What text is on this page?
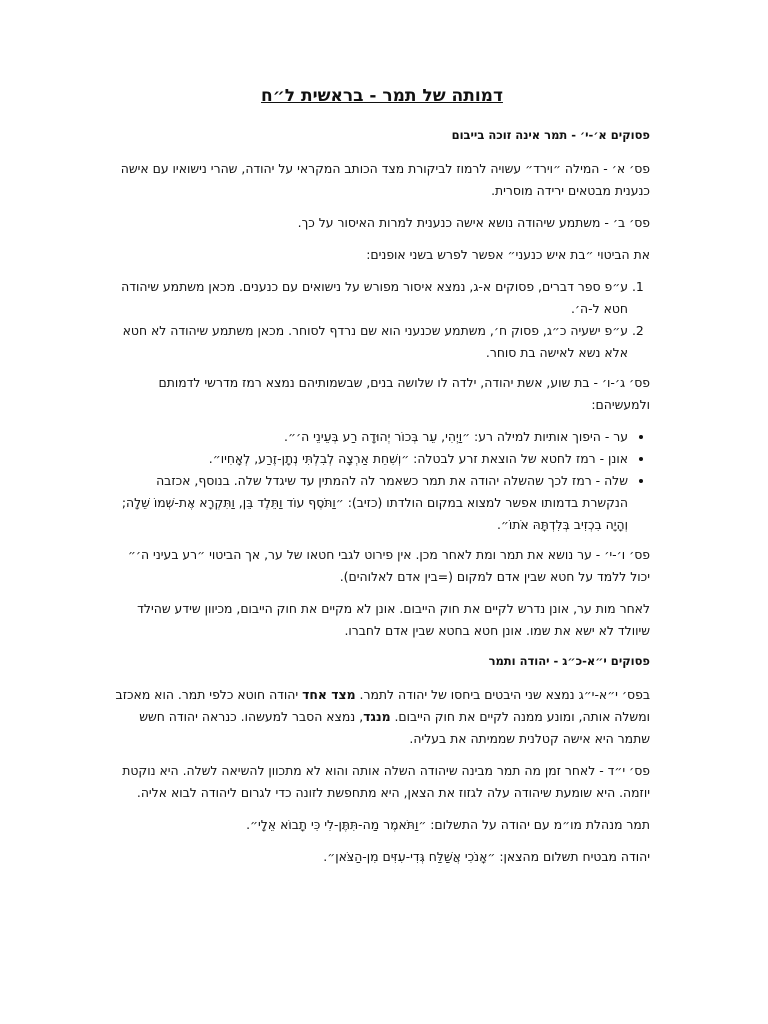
דמותה של תמר - בראשית ל״ח
פסוקים א׳-י׳ - תמר אינה זוכה בייבום

פס׳ א׳ - המילה ״וירד״ עשויה לרמוז לביקורת מצד הכותב המקראי על יהודה, שהרי נישואיו עם אישה כנענית מבטאים ירידה מוסרית.

פס׳ ב׳ - משתמע שיהודה נושא אישה כנענית למרות האיסור על כך.

את הביטוי ״בת איש כנעני״ אפשר לפרש בשני אופנים:

1. ע״פ ספר דברים, פסוקים א-ג, נמצא איסור מפורש על נישואים עם כנענים. מכאן משתמע שיהודה חטא ל-ה׳.
2. ע״פ ישעיה כ״ג, פסוק ח׳, משתמע שכנעני הוא שם נרדף לסוחר. מכאן משתמע שיהודה לא חטא אלא נשא לאישה בת סוחר.

פס׳ ג׳-ו׳ - בת שוע, אשת יהודה, ילדה לו שלושה בנים, שבשמותיהם נמצא רמז מדרשי לדמותם ולמעשיהם:

• ער - היפוך אותיות למילה רע: ״וַיְהִי, עֵר בְּכוֹר יְהוּדָה רַע בְּעֵינֵי ה׳״.
• אונן - רמז לחטא של הוצאת זרע לבטלה: ״וְשִׁחֵת אַרְצָה לְבִלְתִּי נְתָן-זֶרַע, לְאָחִיו״.
• שלה - רמז לכך שהשלה יהודה את תמר כשאמר לה להמתין עד שיגדל שלה. בנוסף, אכזבה הנקשרת בדמותו אפשר למצוא במקום הולדתו (כזיב): ״וַתֹּסֶף עוֹד וַתֵּלֶד בֵּן, וַתִּקְרָא אֶת-שְׁמוֹ שֵׁלָה; וְהָיָה בִכְזִיב בְּלִדְתָּהּ אֹתוֹ״.

פס׳ ו׳-י׳ - ער נושא את תמר ומת לאחר מכן. אין פירוט לגבי חטאו של ער, אך הביטוי ״רע בעיני ה׳״ יכול ללמד על חטא שבין אדם למקום (=בין אדם לאלוהים).

לאחר מות ער, אונן נדרש לקיים את חוק הייבום. אונן לא מקיים את חוק הייבום, מכיוון שידע שהילד שיוולד לא ישא את שמו. אונן חטא בחטא שבין אדם לחברו.

פסוקים י״א-כ״ג - יהודה ותמר

בפס׳ י״א-י״ג נמצא שני היבטים ביחסו של יהודה לתמר. מצד אחד יהודה חוטא כלפי תמר. הוא מאכזב ומשלה אותה, ומונע ממנה לקיים את חוק הייבום. מנגד, נמצא הסבר למעשהו. כנראה יהודה חשש שתמר היא אישה קטלנית שממיתה את בעליה.

פס׳ י״ד - לאחר זמן מה תמר מבינה שיהודה השלה אותה והוא לא מתכוון להשיאה לשלה. היא נוקטת יוזמה. היא שומעת שיהודה עלה לגזוז את הצאן, היא מתחפשת לזונה כדי לגרום ליהודה לבוא אליה.

תמר מנהלת מו״מ עם יהודה על התשלום: ״וַתֹּאמֶר מַה-תִּתֶּן-לִי כִּי תָבוֹא אֵלָי״.

יהודה מבטיח תשלום מהצאן: ״אָנֹכִי אֲשַׁלַּח גְּדִי-עִזִּים מִן-הַצֹּאן״.
